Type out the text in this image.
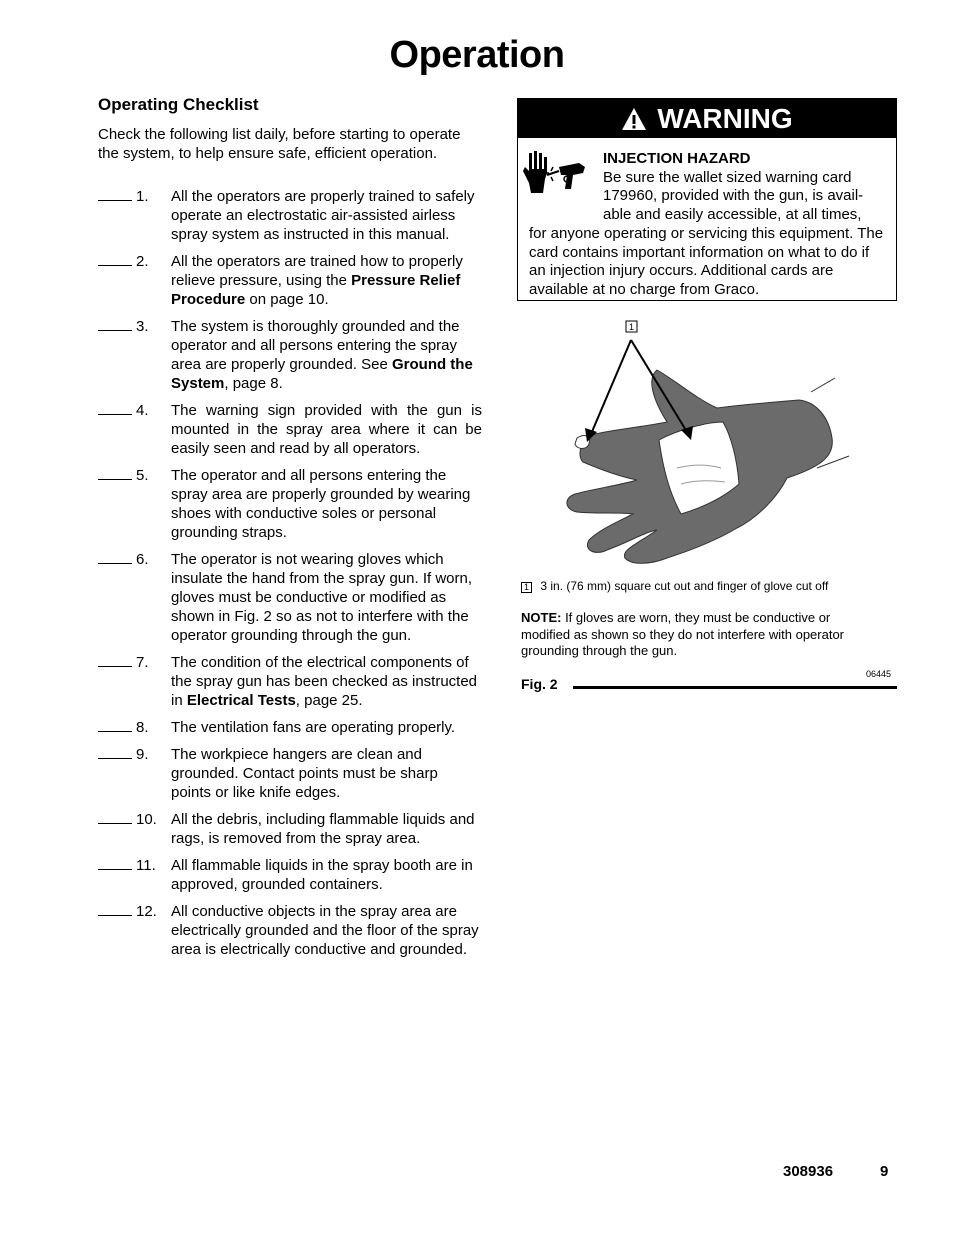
Operation
Operating Checklist

Check the following list daily, before starting to operate the system, to help ensure safe, efficient operation.

1.	All the operators are properly trained to safely operate an electrostatic air-assisted airless spray system as instructed in this manual.
2.	All the operators are trained how to properly relieve pressure, using the Pressure Relief Procedure on page 10.
3.	The system is thoroughly grounded and the operator and all persons entering the spray area are properly grounded. See Ground the System, page 8.
4.	The warning sign provided with the gun is mounted in the spray area where it can be easily seen and read by all operators.
5.	The operator and all persons entering the spray area are properly grounded by wearing shoes with conductive soles or personal grounding straps.
6.	The operator is not wearing gloves which insulate the hand from the spray gun. If worn, gloves must be conductive or modified as shown in Fig. 2 so as not to interfere with the operator grounding through the gun.
7.	The condition of the electrical components of the spray gun has been checked as instructed in Electrical Tests, page 25.
8.	The ventilation fans are operating properly.
9.	The workpiece hangers are clean and grounded. Contact points must be sharp points or like knife edges.
10. All the debris, including flammable liquids and rags, is removed from the spray area.
11.	All flammable liquids in the spray booth are in approved, grounded containers.
12. All conductive objects in the spray area are electrically grounded and the floor of the spray area is electrically conductive and grounded.
WARNING
INJECTION HAZARD
Be sure the wallet sized warning card
179960, provided with the gun, is avail-
able and easily accessible, at all times,
for anyone operating or servicing this equipment. The card contains important information on what to do if an injection injury occurs. Additional cards are available at no charge from Graco.
1
1 3 in. (76 mm) square cut out and finger of glove cut off
NOTE: If gloves are worn, they must be conductive or modified as shown so they do not interfere with operator grounding through the gun.
06445
Fig. 2
308936	9
